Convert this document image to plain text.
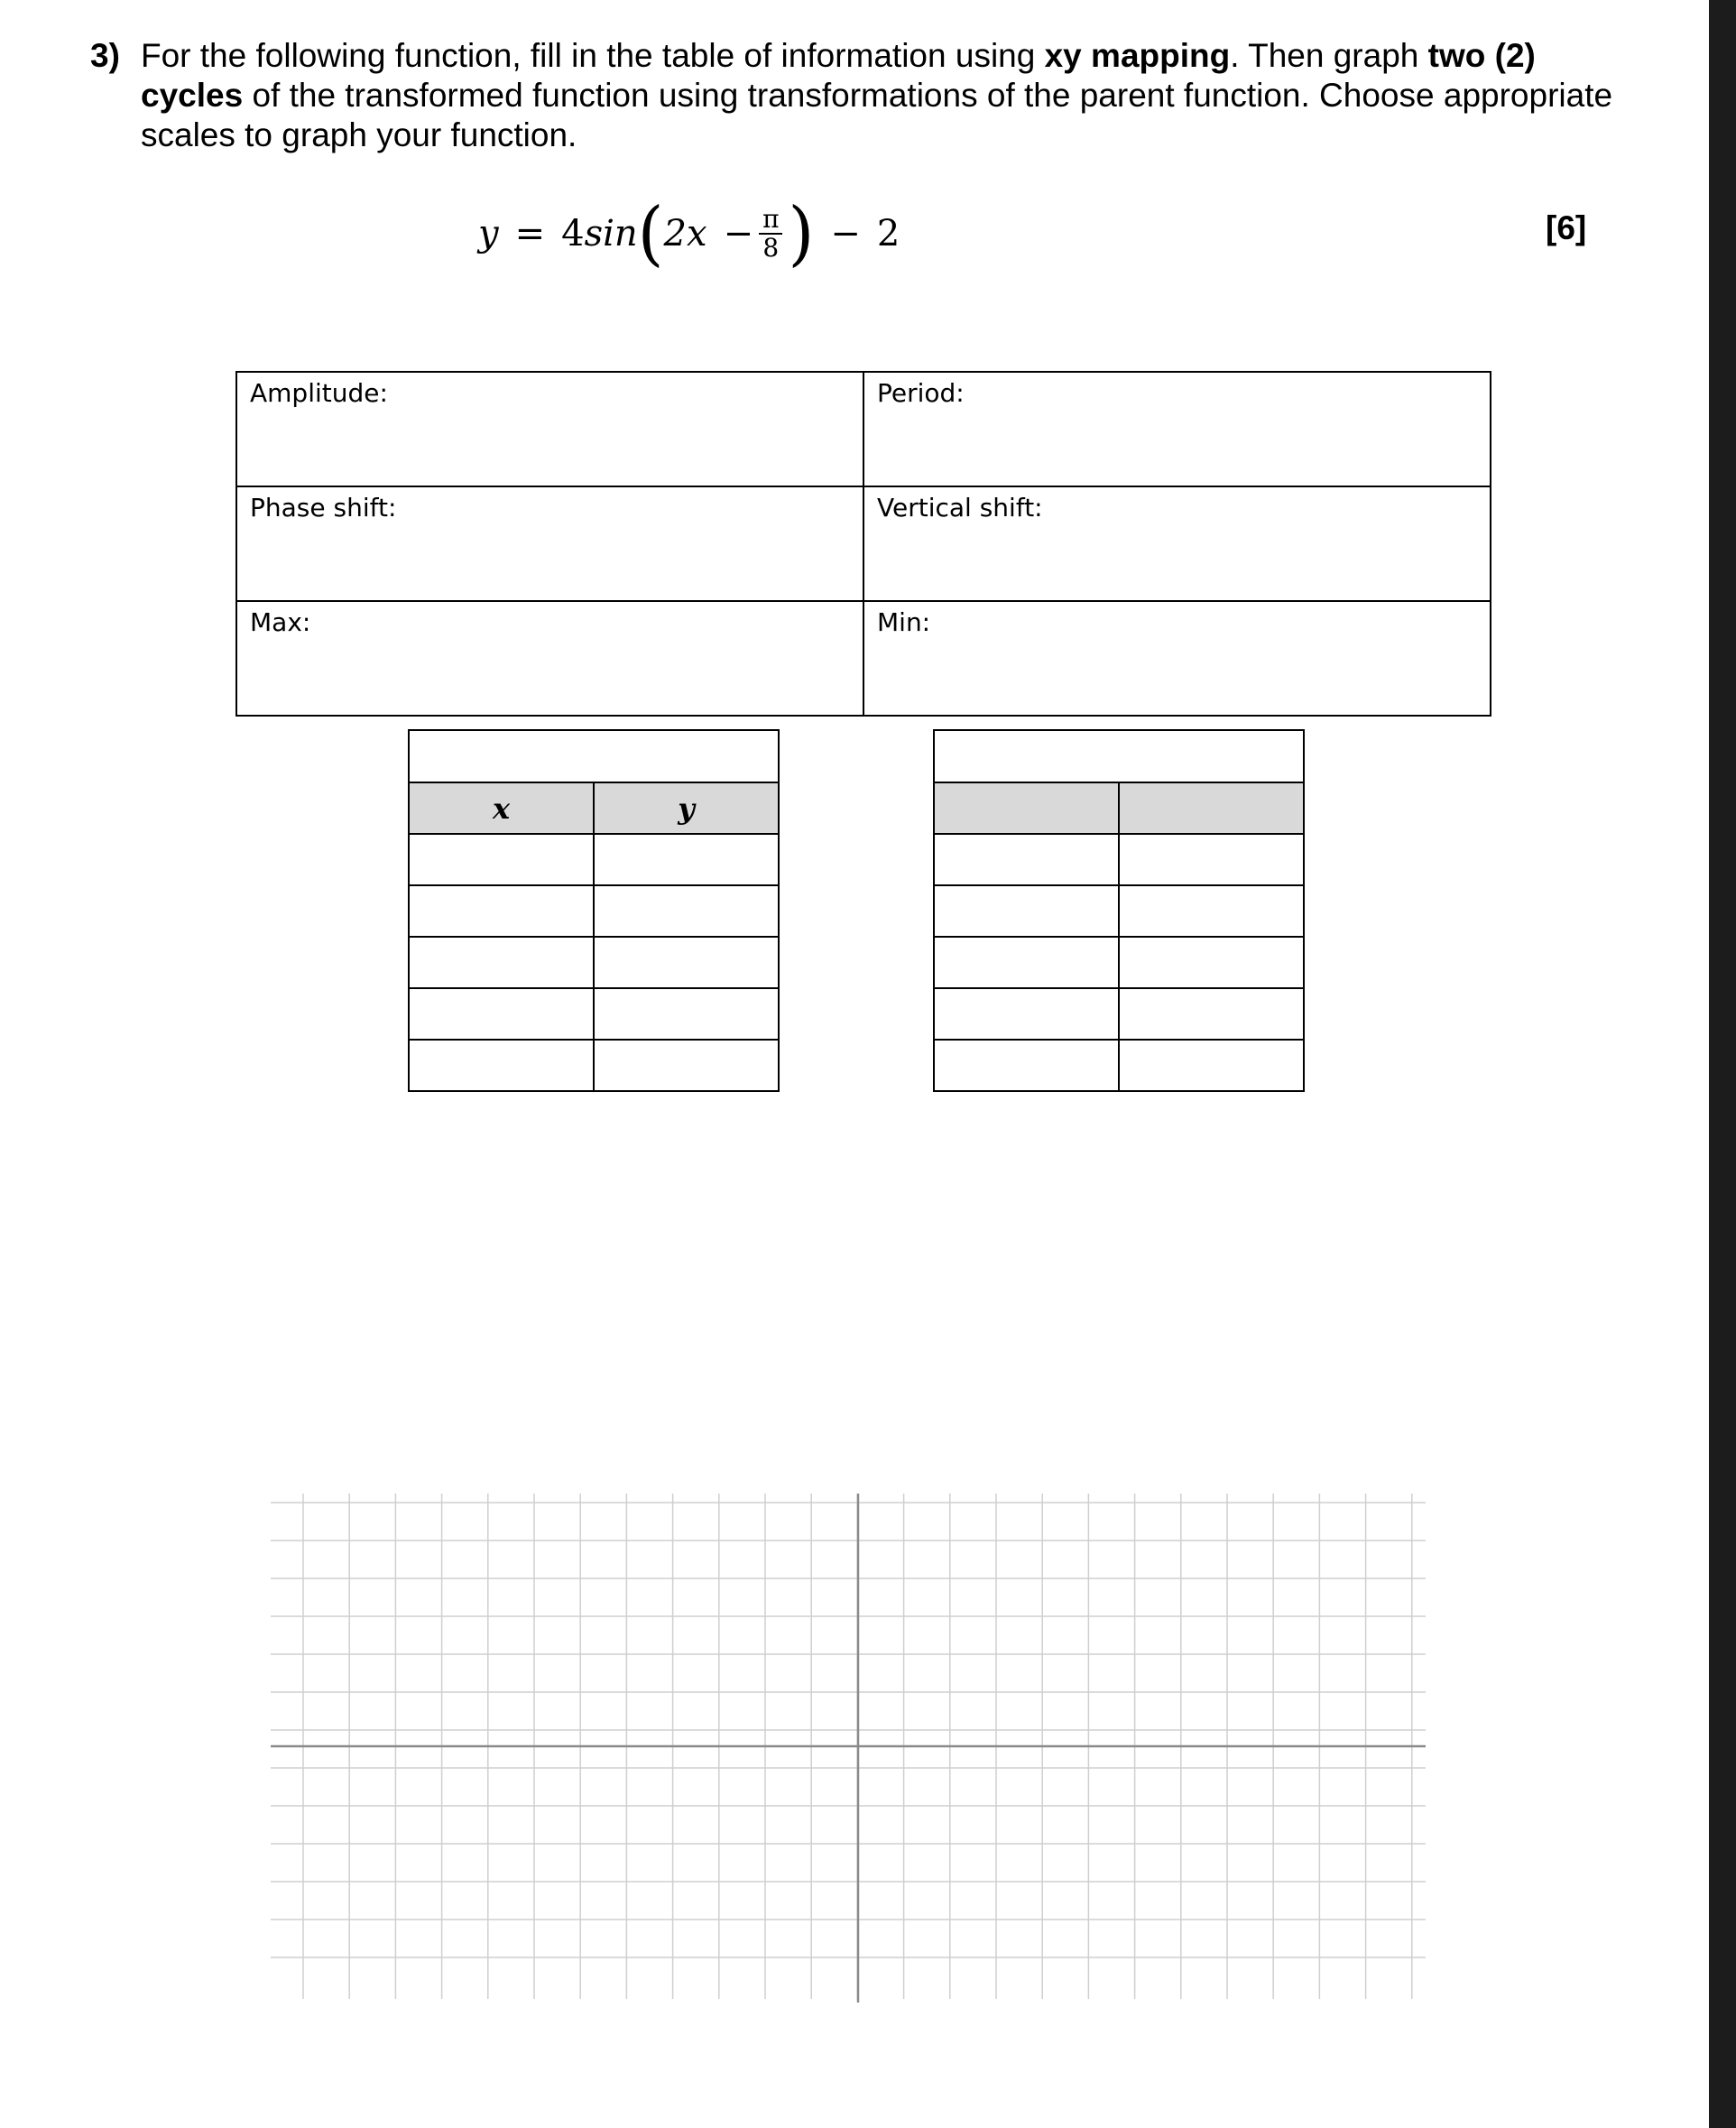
3) For the following function, fill in the table of information using xy mapping. Then graph two (2) cycles of the transformed function using transformations of the parent function. Choose appropriate scales to graph your function.
y = 4 sin ( $2x - \frac{\pi}{8}$ ) − 2	[6]
Amplitude:	Period:
Phase shift:	Vertical shift:
Max:	Min:

x	y
